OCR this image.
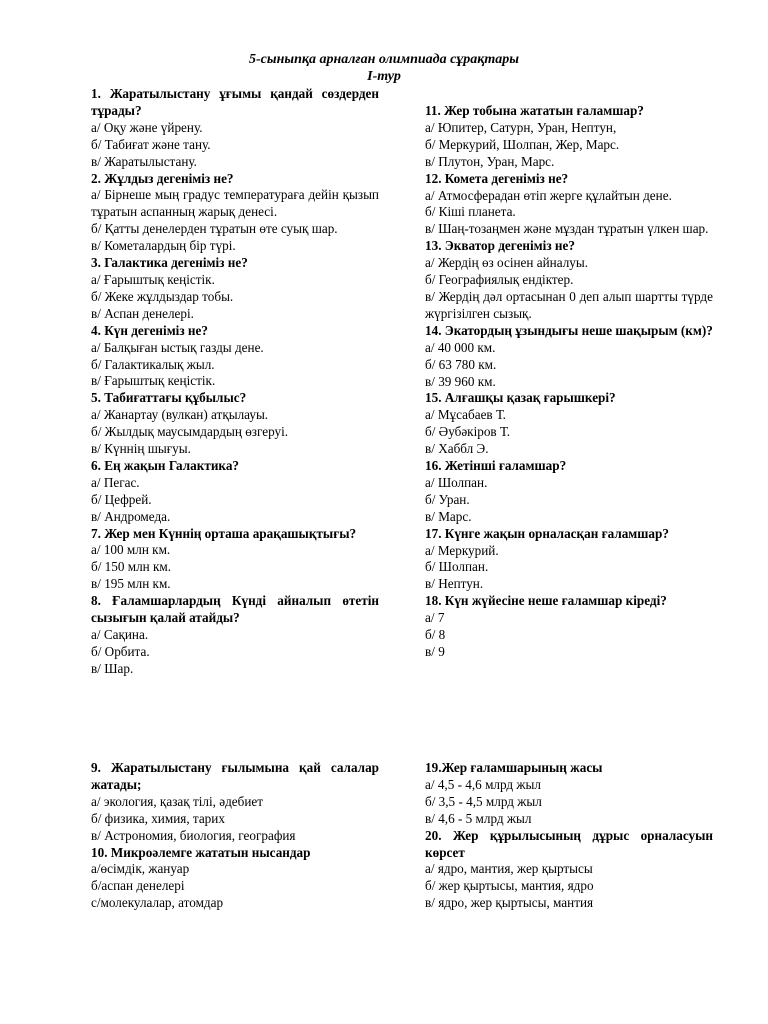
5-сыныпқа арналған олимпиада сұрақтары
I-тур

1. Жаратылыстану ұғымы қандай сөздерден тұрады?

а/ Оқу және үйрену.

б/ Табиғат және тану.

в/ Жаратылыстану.

2. Жұлдыз дегеніміз не?

а/ Бірнеше мың градус температураға дейін қызып тұратын аспанның жарық денесі.

б/ Қатты денелерден тұратын өте суық шар.

в/ Кометалардың бір түрі.

3. Галактика дегеніміз не?

а/ Ғарыштық кеңістік.

б/ Жеке жұлдыздар тобы.

в/ Аспан денелері.

4. Күн дегеніміз не?

а/ Балқыған ыстық газды дене.

б/ Галактикалық жыл.

в/ Ғарыштық кеңістік.

5. Табиғаттағы құбылыс?

а/ Жанартау (вулкан) атқылауы.

б/ Жылдық маусымдардың өзгеруі.

в/ Күннің шығуы.

6. Ең жақын Галактика?

а/ Пегас.

б/ Цефрей.

в/ Андромеда.

7. Жер мен Күннің орташа арақашықтығы?

а/ 100 млн км.

б/ 150 млн км.

в/ 195 млн км.

8. Ғаламшарлардың Күнді айналып өтетін сызығын қалай атайды?

а/ Сақина.

б/ Орбита.

в/ Шар.

11. Жер тобына жататын ғаламшар?

а/ Юпитер, Сатурн, Уран, Нептун,

б/ Меркурий, Шолпан, Жер, Марс.

в/ Плутон, Уран, Марс.

12. Комета дегеніміз не?

а/ Атмосферадан өтіп жерге құлайтын дене.

б/ Кіші планета.

в/ Шаң-тозаңмен және мұздан тұратын үлкен шар.

13. Экватор дегеніміз не?

а/ Жердің өз осінен айналуы.

б/ Географиялық ендіктер.

в/ Жердің дәл ортасынан 0 деп алып шартты түрде жүргізілген сызық.

14. Экатордың ұзындығы неше шақырым (км)?

а/ 40 000 км.

б/ 63 780 км.

в/ 39 960 км.

15. Алғашқы қазақ ғарышкері?

а/ Мұсабаев Т.

б/ Әубәкіров Т.

в/ Хаббл Э.

16. Жетінші ғаламшар?

а/ Шолпан.

б/ Уран.

в/ Марс.

17. Күнге жақын орналасқан ғаламшар?

а/ Меркурий.

б/ Шолпан.

в/ Нептун.

18. Күн жүйесіне неше ғаламшар кіреді?

а/ 7

б/ 8

в/ 9

9. Жаратылыстану ғылымына қай салалар жатады;

а/ экология, қазақ тілі, әдебиет

б/ физика, химия, тарих

в/ Астрономия, биология, география

10. Микроәлемге жататын нысандар

а/өсімдік, жануар

б/аспан денелері

с/молекулалар, атомдар

19.Жер ғаламшарының жасы

а/ 4,5 - 4,6 млрд жыл

б/ 3,5 - 4,5 млрд жыл

в/ 4,6 - 5 млрд жыл

20. Жер құрылысының дұрыс орналасуын көрсет

а/ ядро, мантия, жер қыртысы

б/ жер қыртысы, мантия, ядро

в/ ядро, жер қыртысы, мантия
